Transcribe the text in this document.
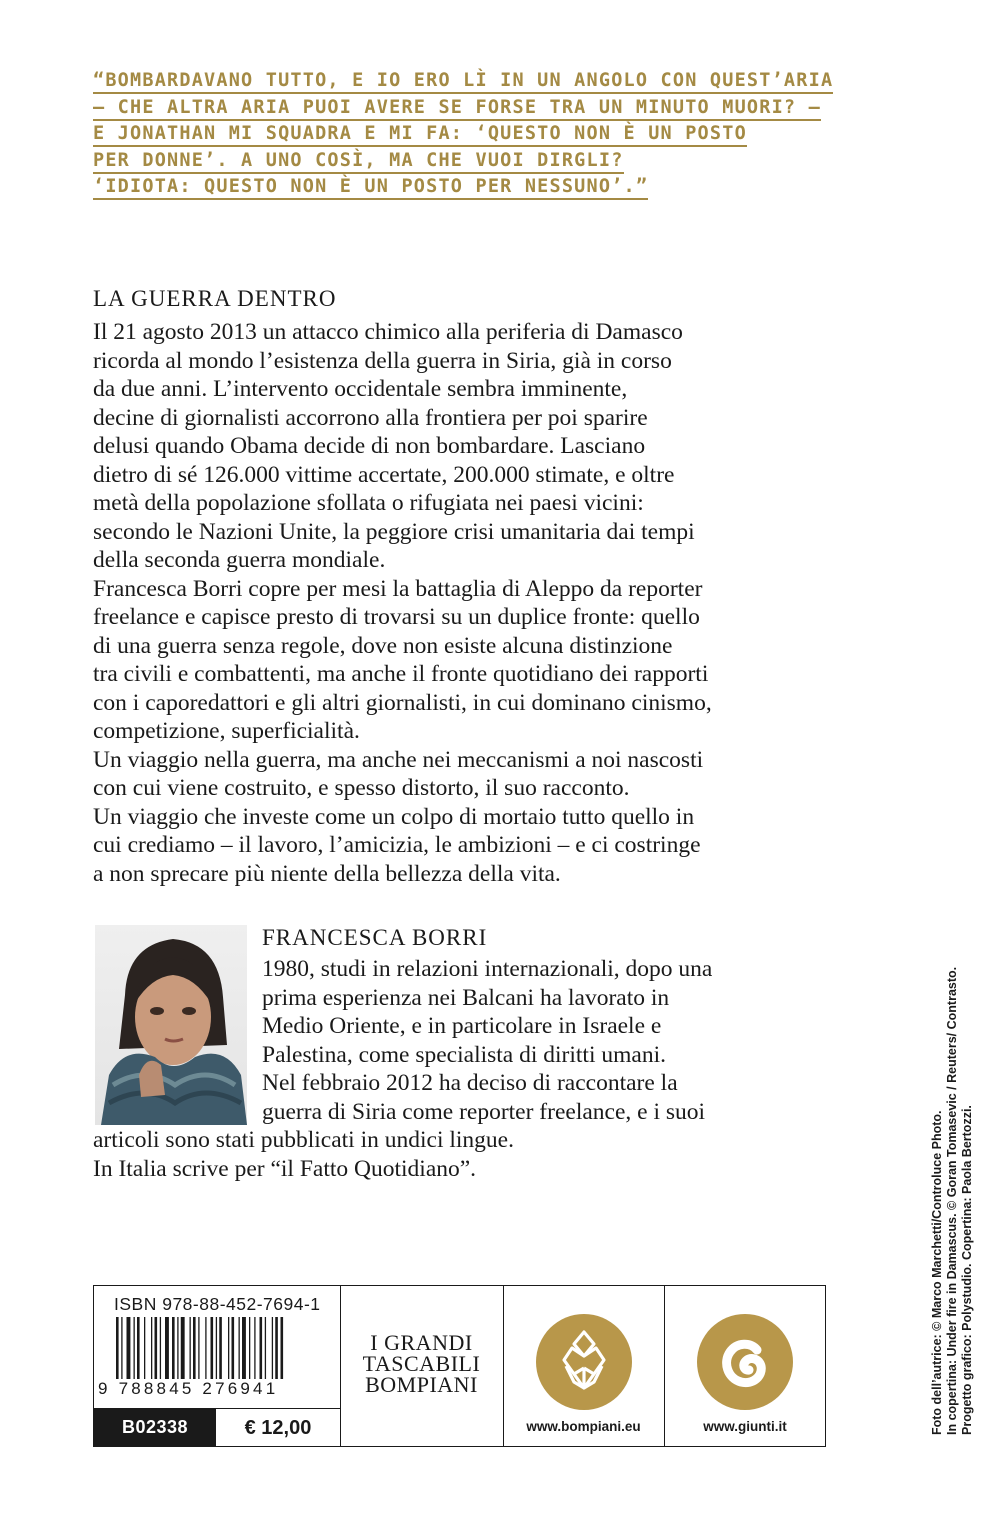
“BOMBARDAVANO TUTTO, E IO ERO LÌ IN UN ANGOLO CON QUEST’ARIA
– CHE ALTRA ARIA PUOI AVERE SE FORSE TRA UN MINUTO MUORI? –
E JONATHAN MI SQUADRA E MI FA: ‘QUESTO NON È UN POSTO
PER DONNE’. A UNO COSÌ, MA CHE VUOI DIRGLI?
‘IDIOTA: QUESTO NON È UN POSTO PER NESSUNO’.”
LA GUERRA DENTRO
Il 21 agosto 2013 un attacco chimico alla periferia di Damasco
ricorda al mondo l’esistenza della guerra in Siria, già in corso
da due anni. L’intervento occidentale sembra imminente,
decine di giornalisti accorrono alla frontiera per poi sparire
delusi quando Obama decide di non bombardare. Lasciano
dietro di sé 126.000 vittime accertate, 200.000 stimate, e oltre
metà della popolazione sfollata o rifugiata nei paesi vicini:
secondo le Nazioni Unite, la peggiore crisi umanitaria dai tempi
della seconda guerra mondiale.
Francesca Borri copre per mesi la battaglia di Aleppo da reporter
freelance e capisce presto di trovarsi su un duplice fronte: quello
di una guerra senza regole, dove non esiste alcuna distinzione
tra civili e combattenti, ma anche il fronte quotidiano dei rapporti
con i caporedattori e gli altri giornalisti, in cui dominano cinismo,
competizione, superficialità.
Un viaggio nella guerra, ma anche nei meccanismi a noi nascosti
con cui viene costruito, e spesso distorto, il suo racconto.
Un viaggio che investe come un colpo di mortaio tutto quello in
cui crediamo – il lavoro, l’amicizia, le ambizioni – e ci costringe
a non sprecare più niente della bellezza della vita.
FRANCESCA BORRI
1980, studi in relazioni internazionali, dopo una
prima esperienza nei Balcani ha lavorato in
Medio Oriente, e in particolare in Israele e
Palestina, come specialista di diritti umani.
Nel febbraio 2012 ha deciso di raccontare la
guerra di Siria come reporter freelance, e i suoi
articoli sono stati pubblicati in undici lingue.
In Italia scrive per “il Fatto Quotidiano”.	Foto dell’autrice: © Marco Marchetti/Controluce Photo. In copertina: Under fire in Damascus. © Goran Tomasevic / Reuters/ Contrasto. Progetto grafico: Polystudio. Copertina: Paola Bertozzi.
ISBN 978-88-452-7694-1
9 788845 276941
B02338	€ 12,00
I GRANDI
TASCABILI
BOMPIANI
www.bompiani.eu	www.giunti.it
